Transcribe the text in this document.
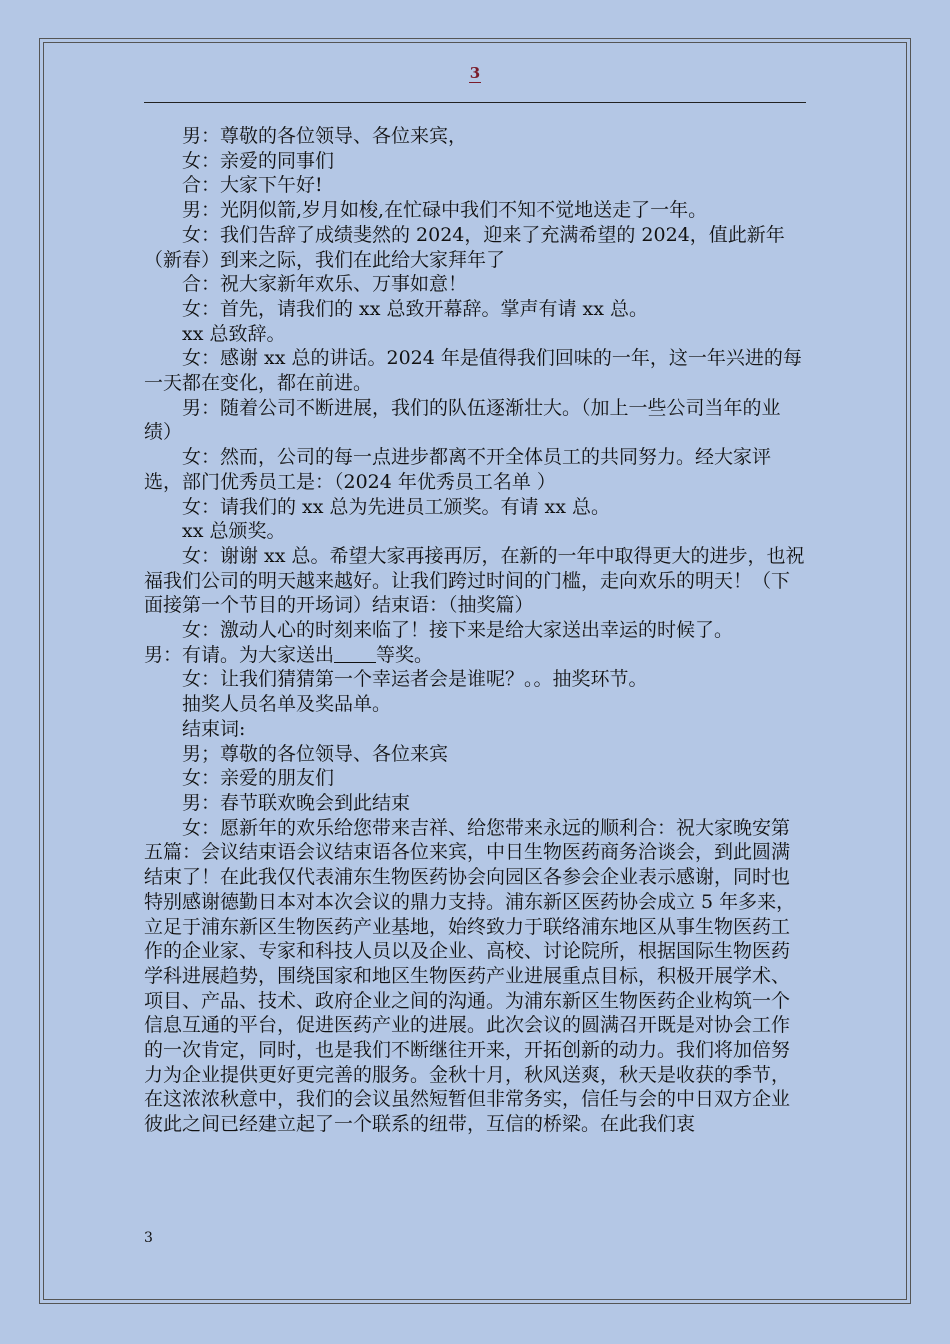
3

男：尊敬的各位领导、各位来宾，

女：亲爱的同事们

合：大家下午好!

男：光阴似箭,岁月如梭,在忙碌中我们不知不觉地送走了一年。

女：我们告辞了成绩斐然的 2024，迎来了充满希望的 2024，值此新年（新春）到来之际，我们在此给大家拜年了

合：祝大家新年欢乐、万事如意！

女：首先，请我们的 xx 总致开幕辞。掌声有请 xx 总。

xx 总致辞。

女：感谢 xx 总的讲话。2024 年是值得我们回味的一年，这一年兴进的每一天都在变化，都在前进。

男：随着公司不断进展，我们的队伍逐渐壮大。（加上一些公司当年的业绩）

女：然而，公司的每一点进步都离不开全体员工的共同努力。经大家评选，部门优秀员工是：（2024 年优秀员工名单 ）

女：请我们的 xx 总为先进员工颁奖。有请 xx 总。

xx 总颁奖。

女：谢谢 xx 总。希望大家再接再厉，在新的一年中取得更大的进步，也祝福我们公司的明天越来越好。让我们跨过时间的门槛，走向欢乐的明天！（下面接第一个节目的开场词）结束语：（抽奖篇）

女：激动人心的时刻来临了！接下来是给大家送出幸运的时候了。

男：有请。为大家送出 等奖。

女：让我们猜猜第一个幸运者会是谁呢？。。抽奖环节。

抽奖人员名单及奖品单。

结束词:

男；尊敬的各位领导、各位来宾

女：亲爱的朋友们

男：春节联欢晚会到此结束

女：愿新年的欢乐给您带来吉祥、给您带来永远的顺利合：祝大家晚安第五篇：会议结束语会议结束语各位来宾，中日生物医药商务洽谈会，到此圆满结束了！在此我仅代表浦东生物医药协会向园区各参会企业表示感谢，同时也特别感谢德勤日本对本次会议的鼎力支持。浦东新区医药协会成立 5 年多来，立足于浦东新区生物医药产业基地，始终致力于联络浦东地区从事生物医药工作的企业家、专家和科技人员以及企业、高校、讨论院所，根据国际生物医药学科进展趋势，围绕国家和地区生物医药产业进展重点目标，积极开展学术、项目、产品、技术、政府企业之间的沟通。为浦东新区生物医药企业构筑一个信息互通的平台，促进医药产业的进展。此次会议的圆满召开既是对协会工作的一次肯定，同时，也是我们不断继往开来，开拓创新的动力。我们将加倍努力为企业提供更好更完善的服务。金秋十月，秋风送爽，秋天是收获的季节，在这浓浓秋意中，我们的会议虽然短暂但非常务实，信任与会的中日双方企业彼此之间已经建立起了一个联系的纽带，互信的桥梁。在此我们衷

3
